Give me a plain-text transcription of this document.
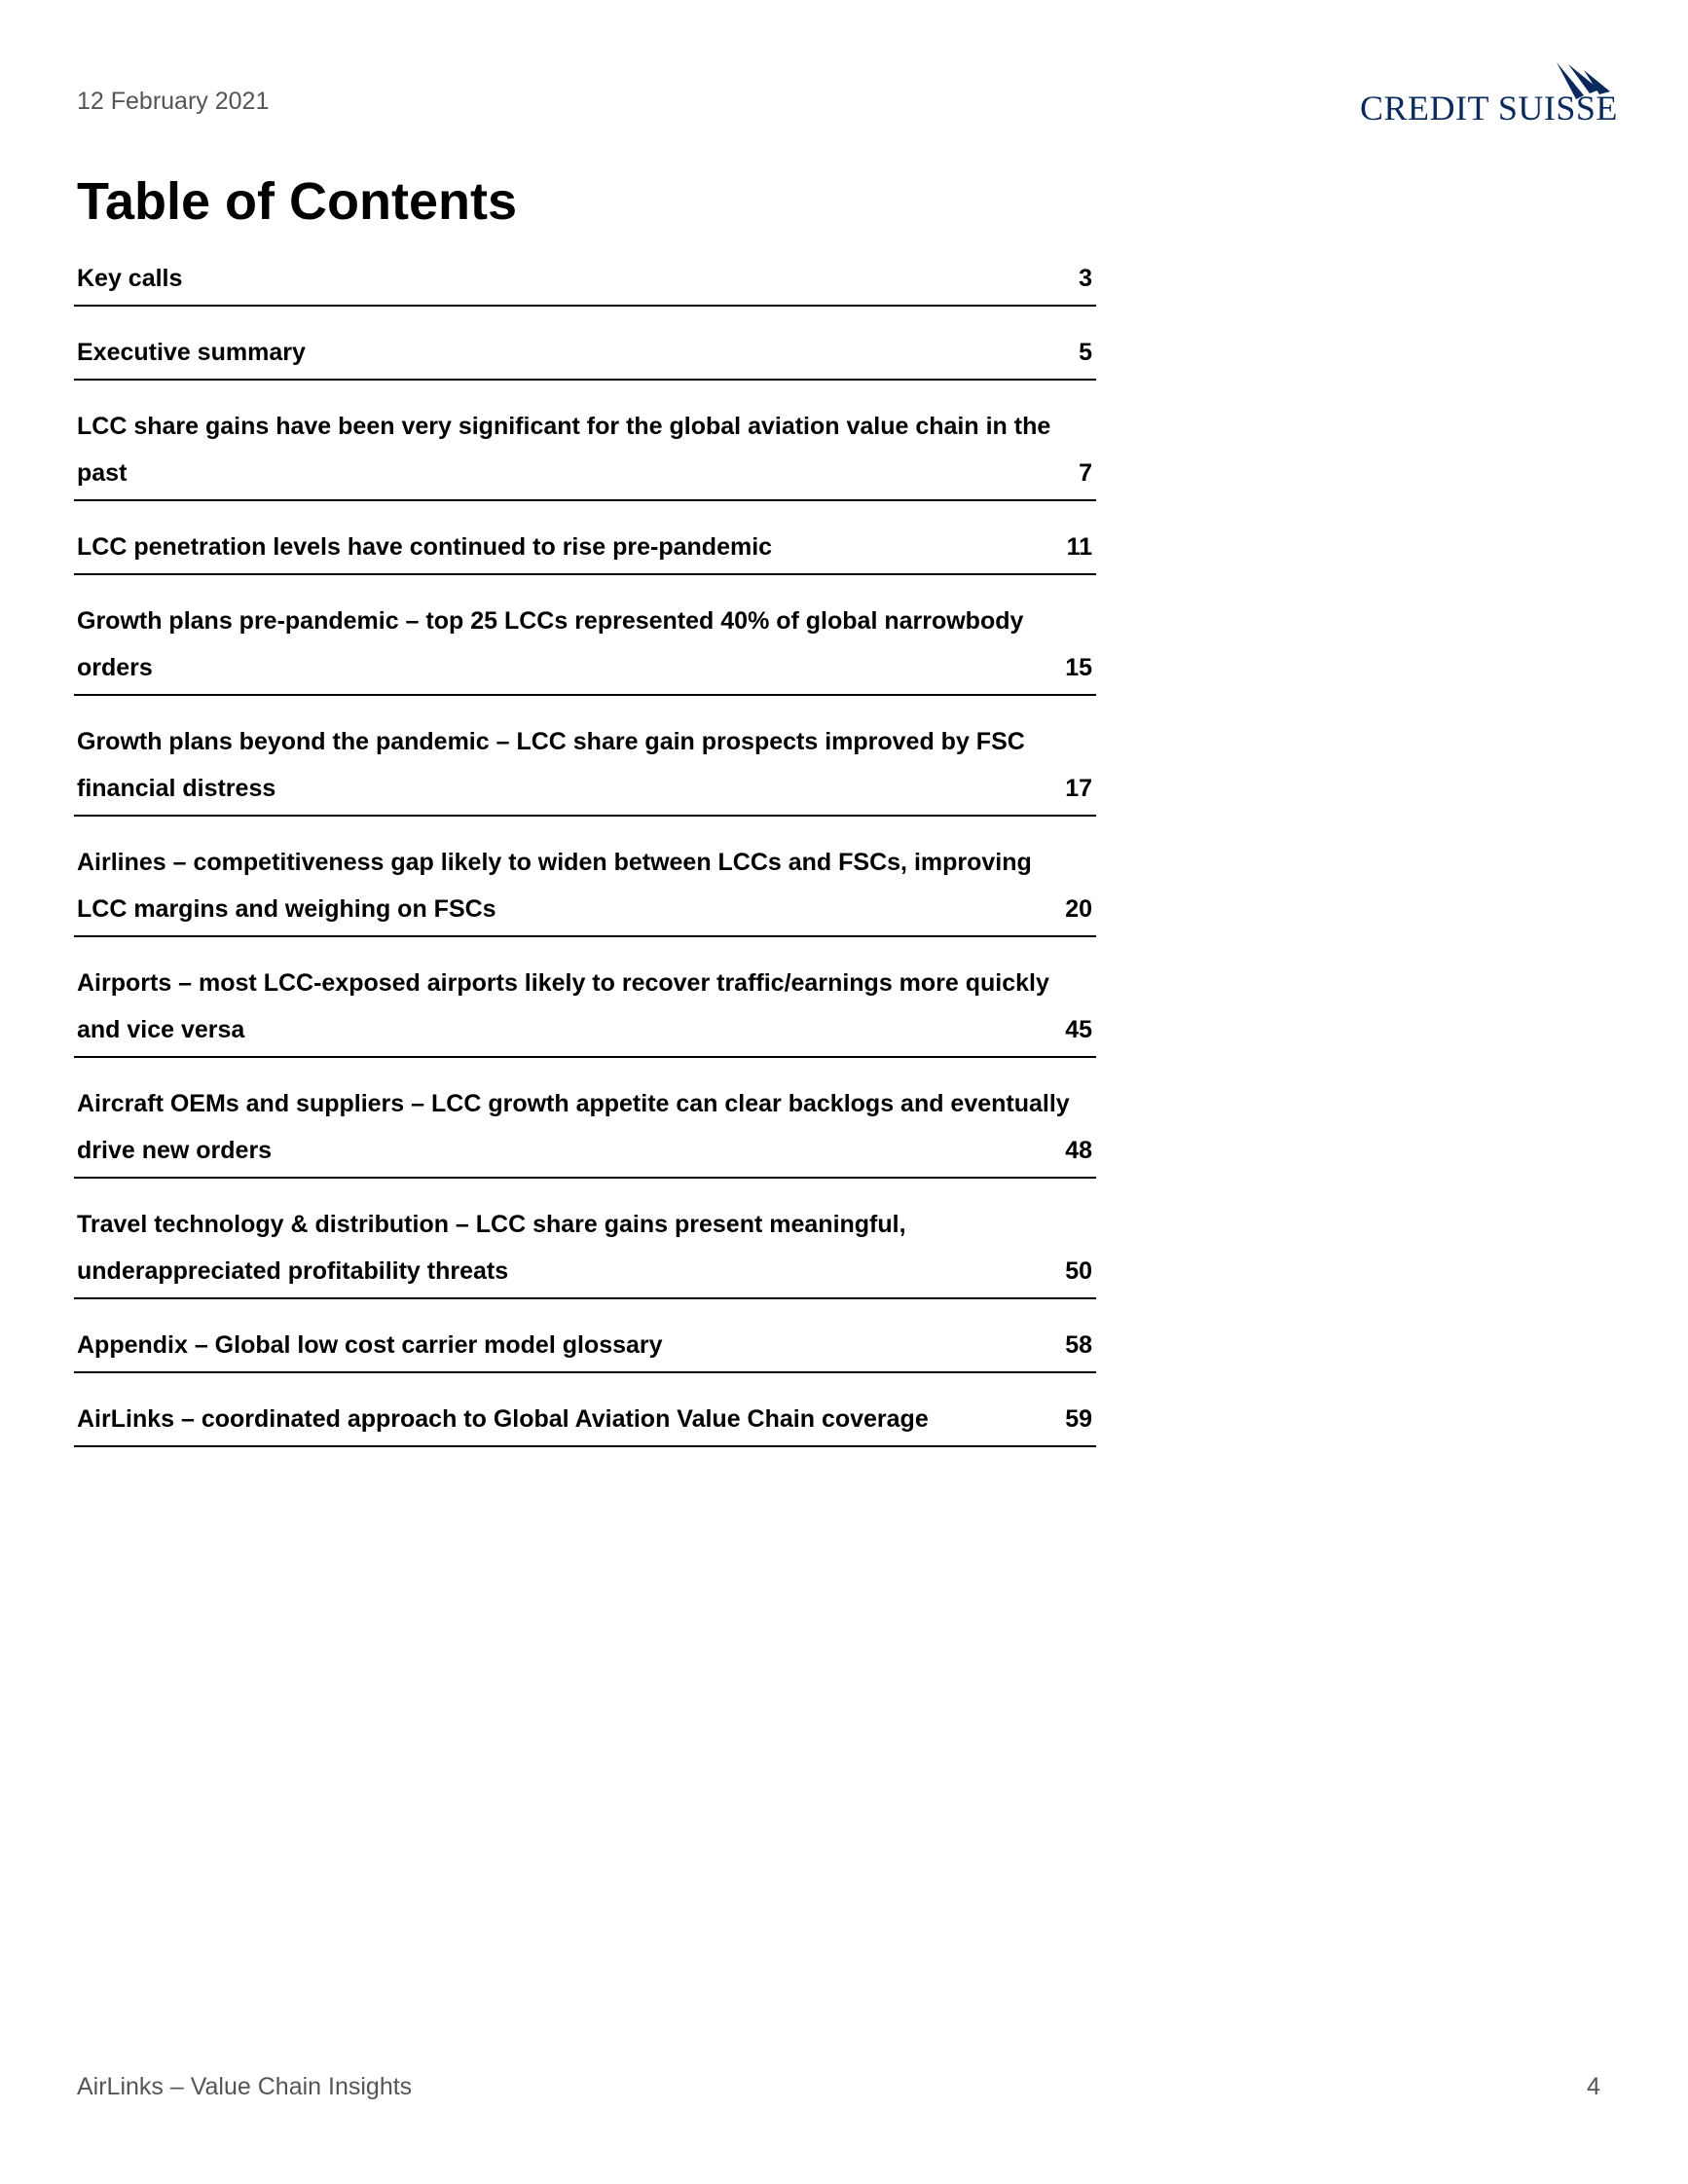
12 February 2021	CREDIT SUISSE
Table of Contents
Key calls	3
Executive summary	5
LCC share gains have been very significant for the global aviation value chain in the
past	7
LCC penetration levels have continued to rise pre-pandemic	11
Growth plans pre-pandemic – top 25 LCCs represented 40% of global narrowbody
orders	15
Growth plans beyond the pandemic – LCC share gain prospects improved by FSC
financial distress	17
Airlines – competitiveness gap likely to widen between LCCs and FSCs, improving
LCC margins and weighing on FSCs	20
Airports – most LCC-exposed airports likely to recover traffic/earnings more quickly
and vice versa	45
Aircraft OEMs and suppliers – LCC growth appetite can clear backlogs and eventually
drive new orders	48
Travel technology & distribution – LCC share gains present meaningful,
underappreciated profitability threats	50
Appendix – Global low cost carrier model glossary	58
AirLinks – coordinated approach to Global Aviation Value Chain coverage	59

AirLinks – Value Chain Insights	4
